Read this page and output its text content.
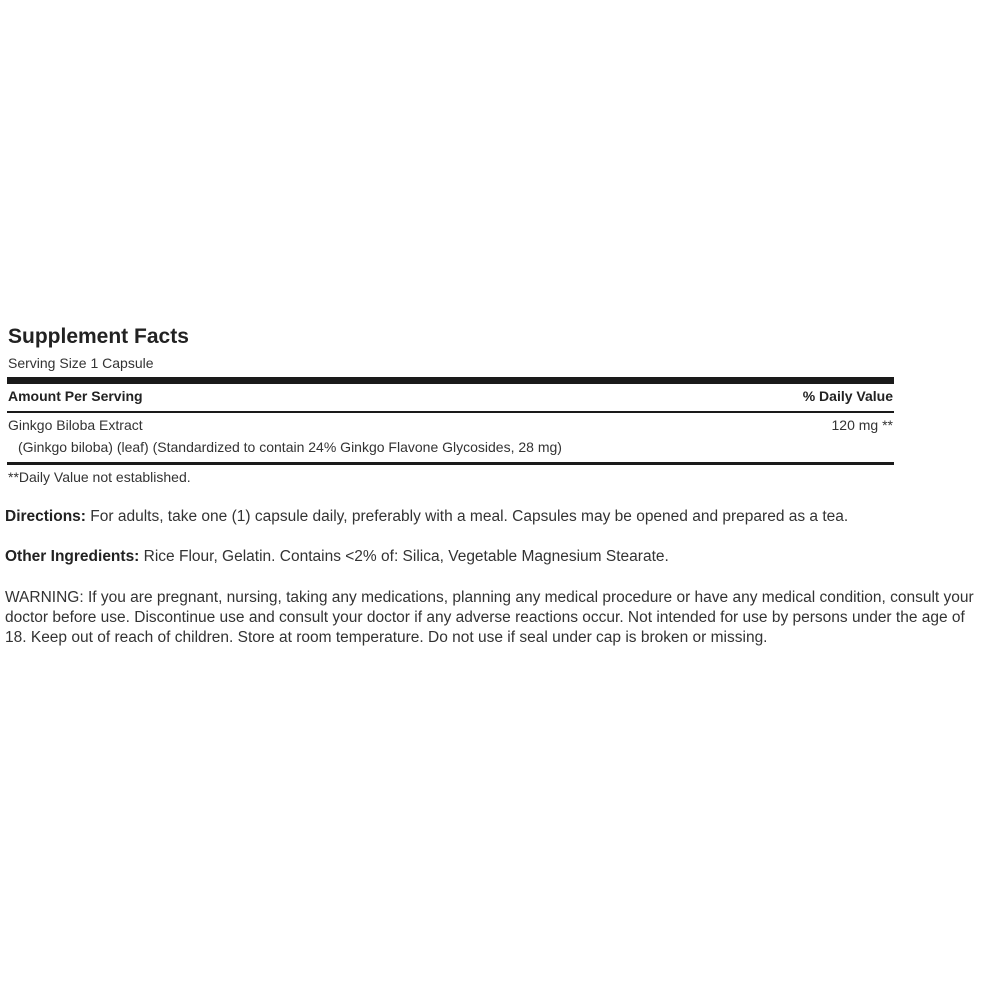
Supplement Facts
Serving Size 1 Capsule
Amount Per Serving	% Daily Value
Ginkgo Biloba Extract	120 mg **
(Ginkgo biloba) (leaf) (Standardized to contain 24% Ginkgo Flavone Glycosides, 28 mg)
**Daily Value not established.

Directions: For adults, take one (1) capsule daily, preferably with a meal. Capsules may be opened and prepared as a tea.

Other Ingredients: Rice Flour, Gelatin. Contains <2% of: Silica, Vegetable Magnesium Stearate.

WARNING: If you are pregnant, nursing, taking any medications, planning any medical procedure or have any medical condition, consult your doctor before use. Discontinue use and consult your doctor if any adverse reactions occur. Not intended for use by persons under the age of 18. Keep out of reach of children. Store at room temperature. Do not use if seal under cap is broken or missing.
